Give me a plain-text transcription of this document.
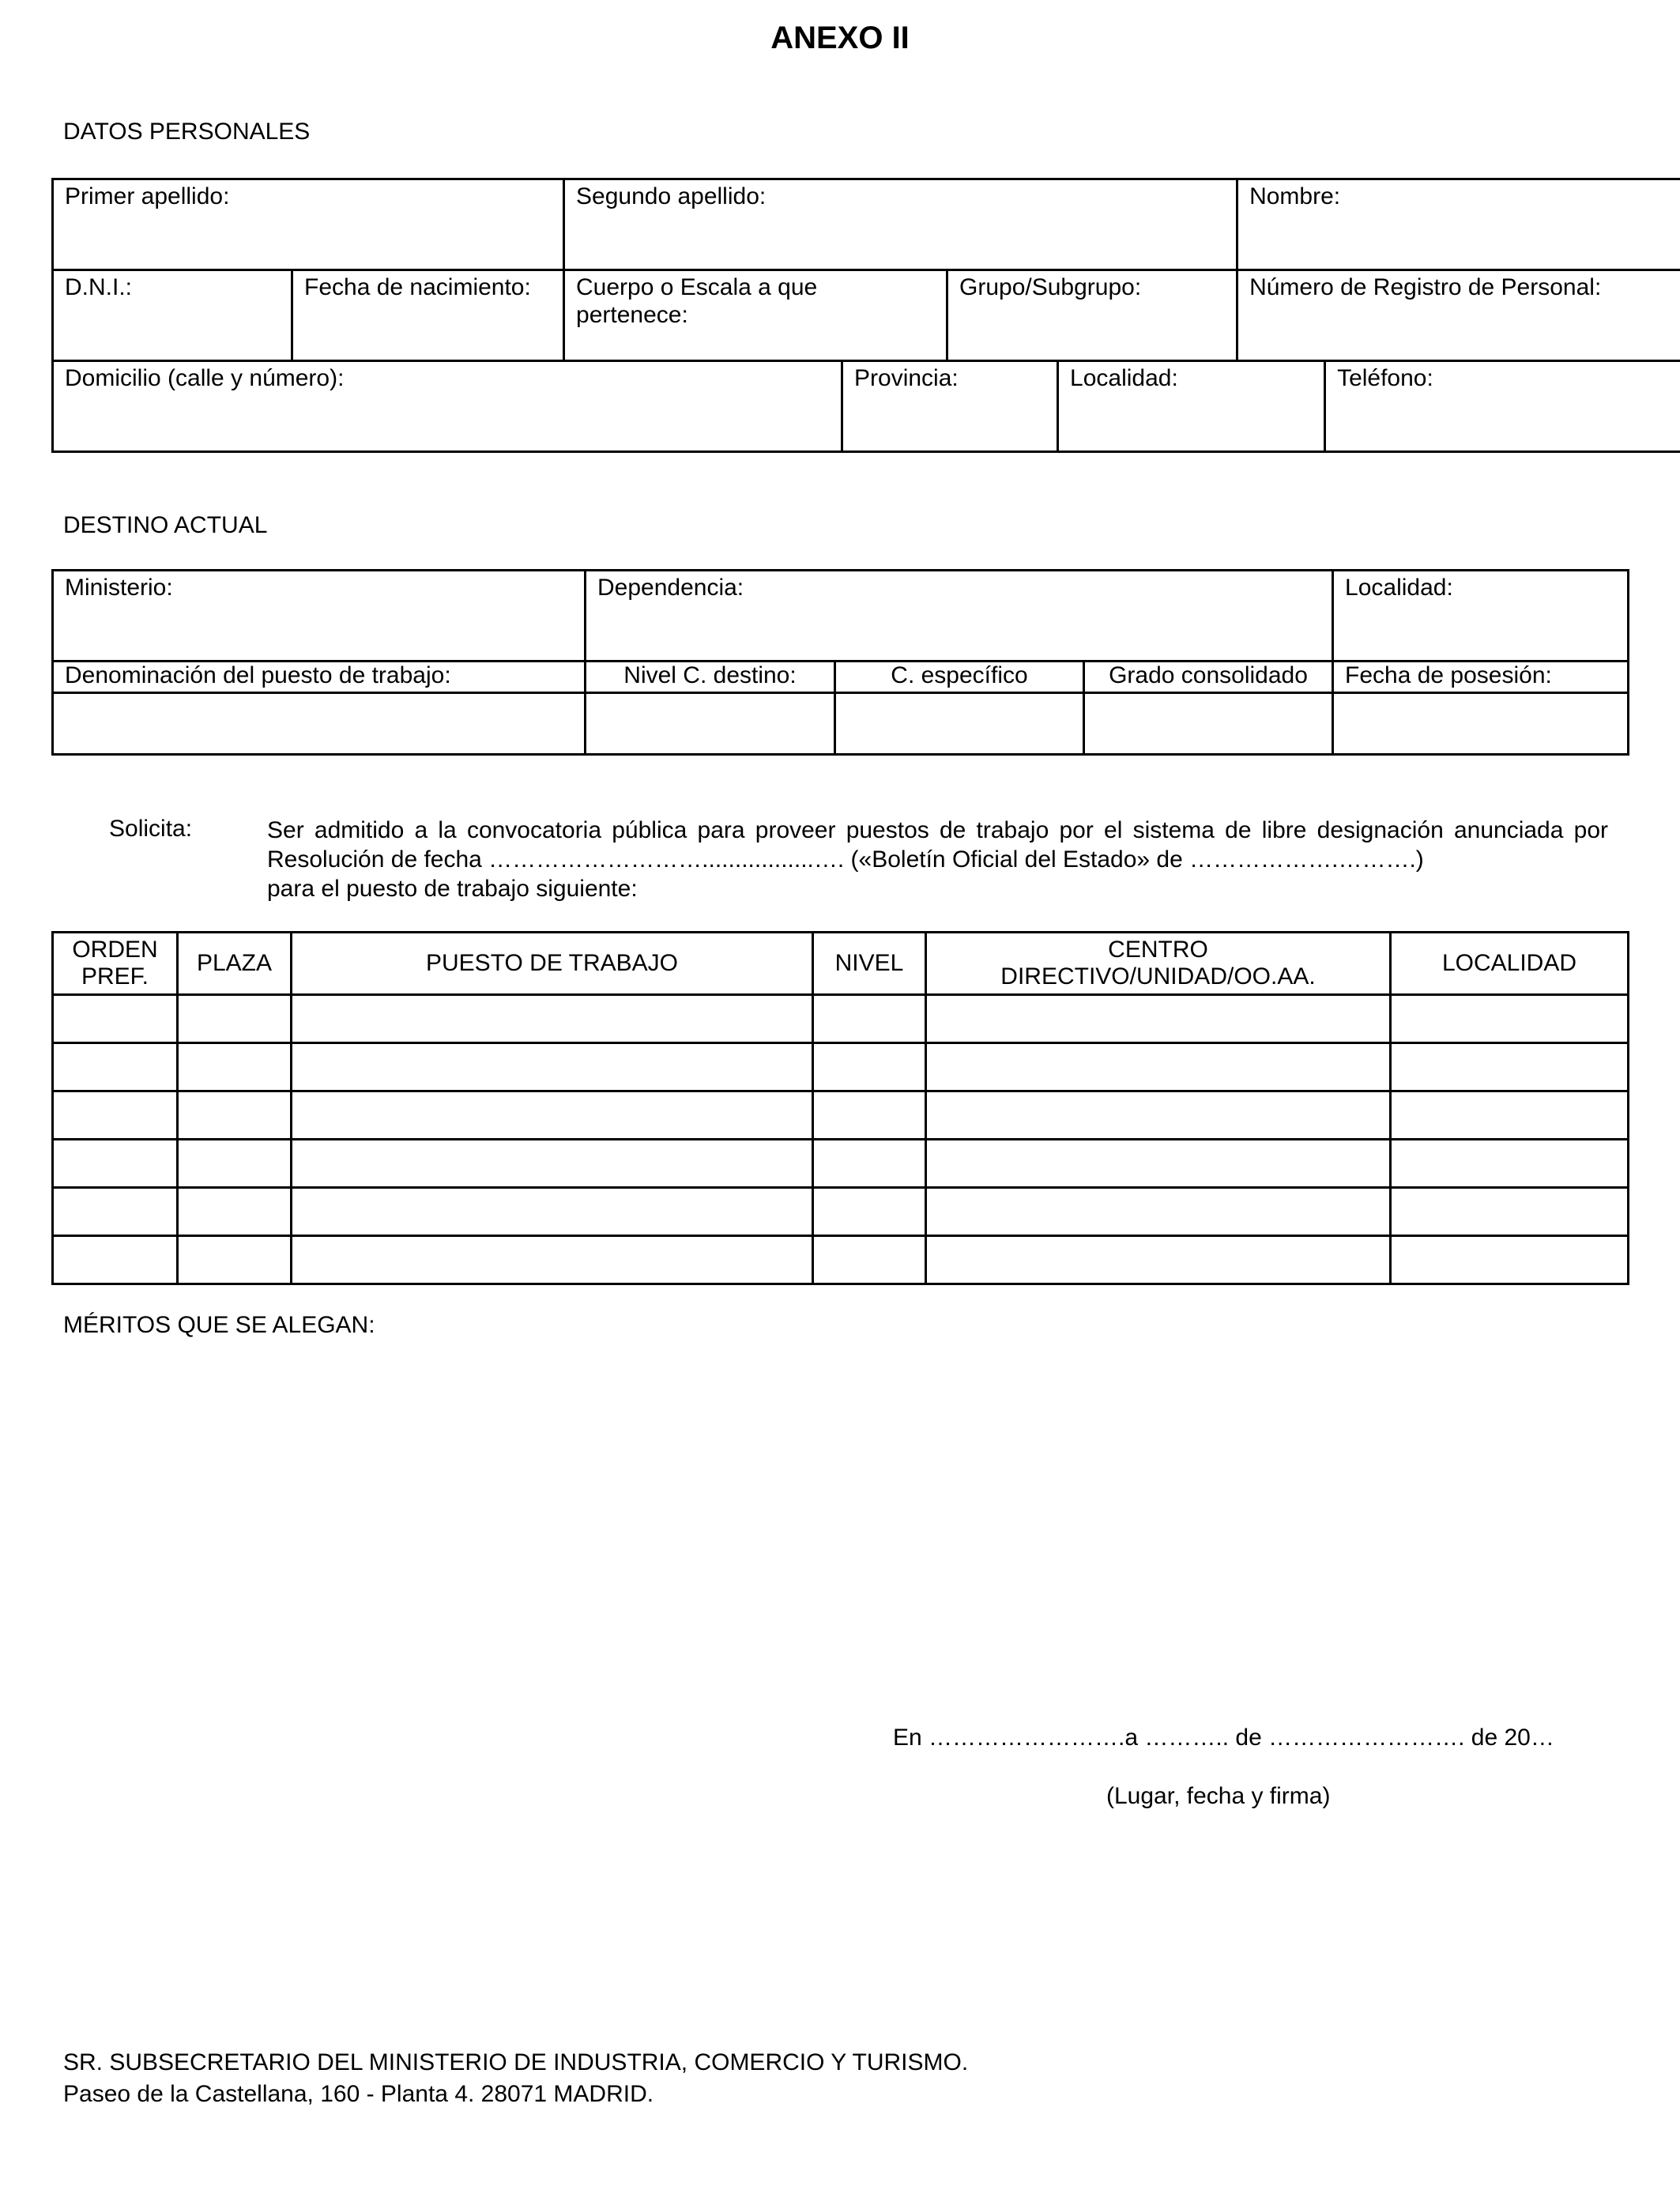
ANEXO II
DATOS PERSONALES
Primer apellido:		Segundo apellido:				Nombre:	
D.N.I.:	Fecha de nacimiento:	Cuerpo o Escala a que pertenece:		Grupo/Subgrupo:		Número de Registro de Personal:	
Domicilio (calle y número):			Provincia:		Localidad:		Teléfono:
DESTINO ACTUAL
Ministerio:	Dependencia:			Localidad:
Denominación del puesto de trabajo:	Nivel C. destino:	C. específico	Grado consolidado	Fecha de posesión:

Solicita:	Ser admitido a la convocatoria pública para proveer puestos de trabajo por el sistema de libre designación anunciada por Resolución de fecha ……………………….................…. («Boletín Oficial del Estado» de ……………….……….)
para el puesto de trabajo siguiente:
ORDEN PREF.	PLAZA	PUESTO DE TRABAJO	NIVEL	CENTRO DIRECTIVO/UNIDAD/OO.AA.	LOCALIDAD

MÉRITOS QUE SE ALEGAN:
En …………………….a ……….. de ……………………. de 20…
(Lugar, fecha y firma)
SR. SUBSECRETARIO DEL MINISTERIO DE INDUSTRIA, COMERCIO Y TURISMO.
Paseo de la Castellana, 160 - Planta 4. 28071 MADRID.
